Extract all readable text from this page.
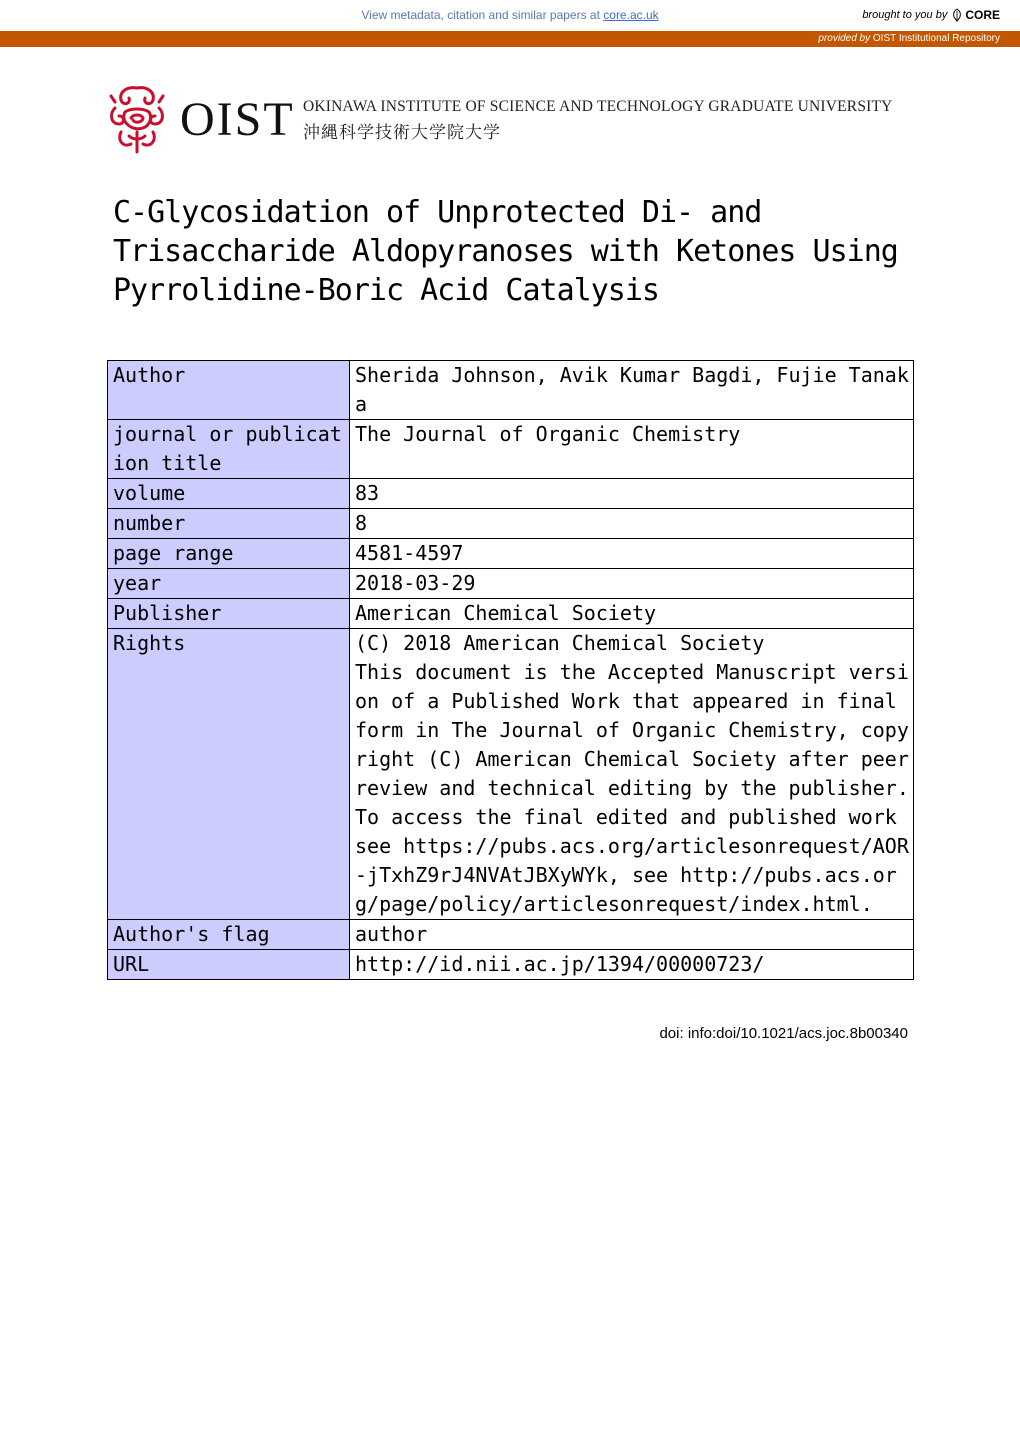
View metadata, citation and similar papers at core.ac.uk	brought to you by CORE
provided by OIST Institutional Repository
OIST OKINAWA INSTITUTE OF SCIENCE AND TECHNOLOGY GRADUATE UNIVERSITY
沖縄科学技術大学院大学
C-Glycosidation of Unprotected Di- and Trisaccharide Aldopyranoses with Ketones Using Pyrrolidine-Boric Acid Catalysis
Author	Sherida Johnson, Avik Kumar Bagdi, Fujie Tanaka
journal or publication title	The Journal of Organic Chemistry
volume	83
number	8
page range	4581-4597
year	2018-03-29
Publisher	American Chemical Society
Rights	(C) 2018 American Chemical Society
This document is the Accepted Manuscript version of a Published Work that appeared in final form in The Journal of Organic Chemistry, copyright (C) American Chemical Society after peer review and technical editing by the publisher. To access the final edited and published work see https://pubs.acs.org/articlesonrequest/AOR-jTxhZ9rJ4NVAtJBXyWYk, see http://pubs.acs.org/page/policy/articlesonrequest/index.html.
Author's flag	author
URL	http://id.nii.ac.jp/1394/00000723/
doi: info:doi/10.1021/acs.joc.8b00340
